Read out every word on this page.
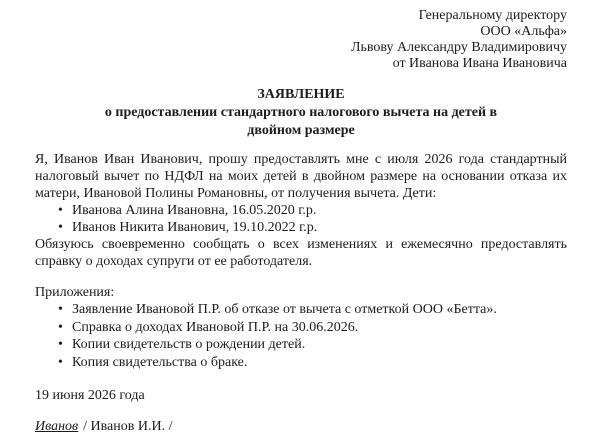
Генеральному директору
ООО «Альфа»
Львову Александру Владимировичу
от Иванова Ивана Ивановича
ЗАЯВЛЕНИЕ
о предоставлении стандартного налогового вычета на детей в двойном размере

Я, Иванов Иван Иванович, прошу предоставлять мне с июля 2026 года стандартный налоговый вычет по НДФЛ на моих детей в двойном размере на основании отказа их матери, Ивановой Полины Романовны, от получения вычета. Дети:

• Иванова Алина Ивановна, 16.05.2020 г.р.
• Иванов Никита Иванович, 19.10.2022 г.р.

Обязуюсь своевременно сообщать о всех изменениях и ежемесячно предоставлять справку о доходах супруги от ее работодателя.

Приложения:
• Заявление Ивановой П.Р. об отказе от вычета с отметкой ООО «Бетта».
• Справка о доходах Ивановой П.Р. на 30.06.2026.
• Копии свидетельств о рождении детей.
• Копия свидетельства о браке.
19 июня 2026 года
Иванов / Иванов И.И. /
